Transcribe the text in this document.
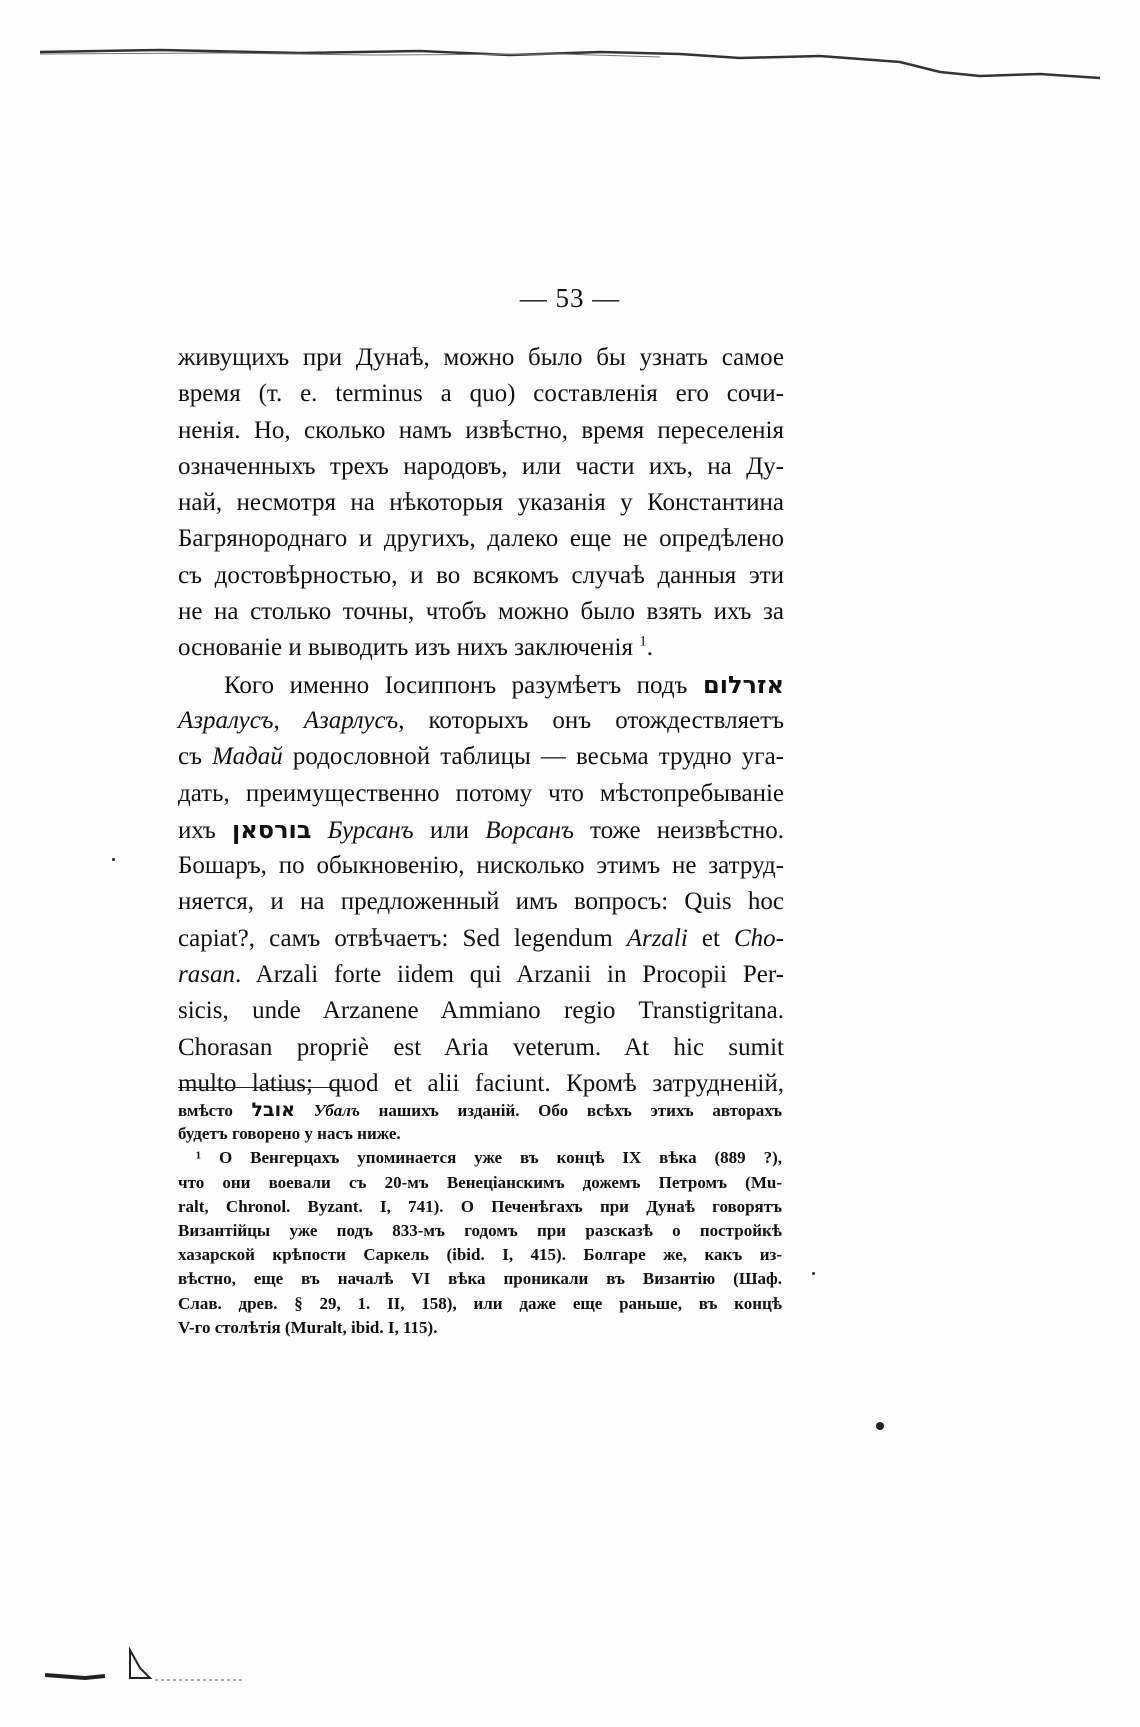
— 53 —
живущихъ при Дунаѣ, можно было бы узнать самое
время (т. е. terminus a quo) составленія его сочи-
ненія. Но, сколько намъ извѣстно, время переселенія
означенныхъ трехъ народовъ, или части ихъ, на Ду-
най, несмотря на нѣкоторыя указанія у Константина
Багрянороднаго и другихъ, далеко еще не опредѣлено
съ достовѣрностью, и во всякомъ случаѣ данныя эти
не на столько точны, чтобъ можно было взять ихъ за
основаніе и выводить изъ нихъ заключенія $^1$.
Кого именно Іосиппонъ разумѣетъ подъ אזרלום
Азралусъ, Азарлусъ, которыхъ онъ отождествляетъ
съ Мадай родословной таблицы — весьма трудно уга-
дать, преимущественно потому что мѣстопребываніе
ихъ בורסאן Бурсанъ или Ворсанъ тоже неизвѣстно.
Бошаръ, по обыкновенію, нисколько этимъ не затруд-
няется, и на предложенный имъ вопросъ: Quis hoc
capiat?, самъ отвѣчаетъ: Sed legendum Arzali et Cho-
rasan. Arzali forte iidem qui Arzanii in Procopii Per-
sicis, unde Arzanene Ammiano regio Transtigritana.
Chorasan propriè est Aria veterum. At hic sumit
multo latius; quod et alii faciunt. Кромѣ затрудненій,
вмѣсто אובל Убалъ нашихъ изданій. Обо всѣхъ этихъ авторахъ
будетъ говорено у насъ ниже.
¹ О Венгерцахъ упоминается уже въ концѣ IX вѣка (889 ?),
что они воевали съ 20-мъ Венеціанскимъ дожемъ Петромъ (Mu-
ralt, Chronol. Byzant. I, 741). О Печенѣгахъ при Дунаѣ говорятъ
Византійцы уже подъ 833-мъ годомъ при разсказѣ о постройкѣ
хазарской крѣпости Саркель (ibid. I, 415). Болгаре же, какъ из-
вѣстно, еще въ началѣ VI вѣка проникали въ Византію (Шаф.
Слав. древ. § 29, 1. II, 158), или даже еще раньше, въ концѣ
V-го столѣтія (Muralt, ibid. I, 115).
